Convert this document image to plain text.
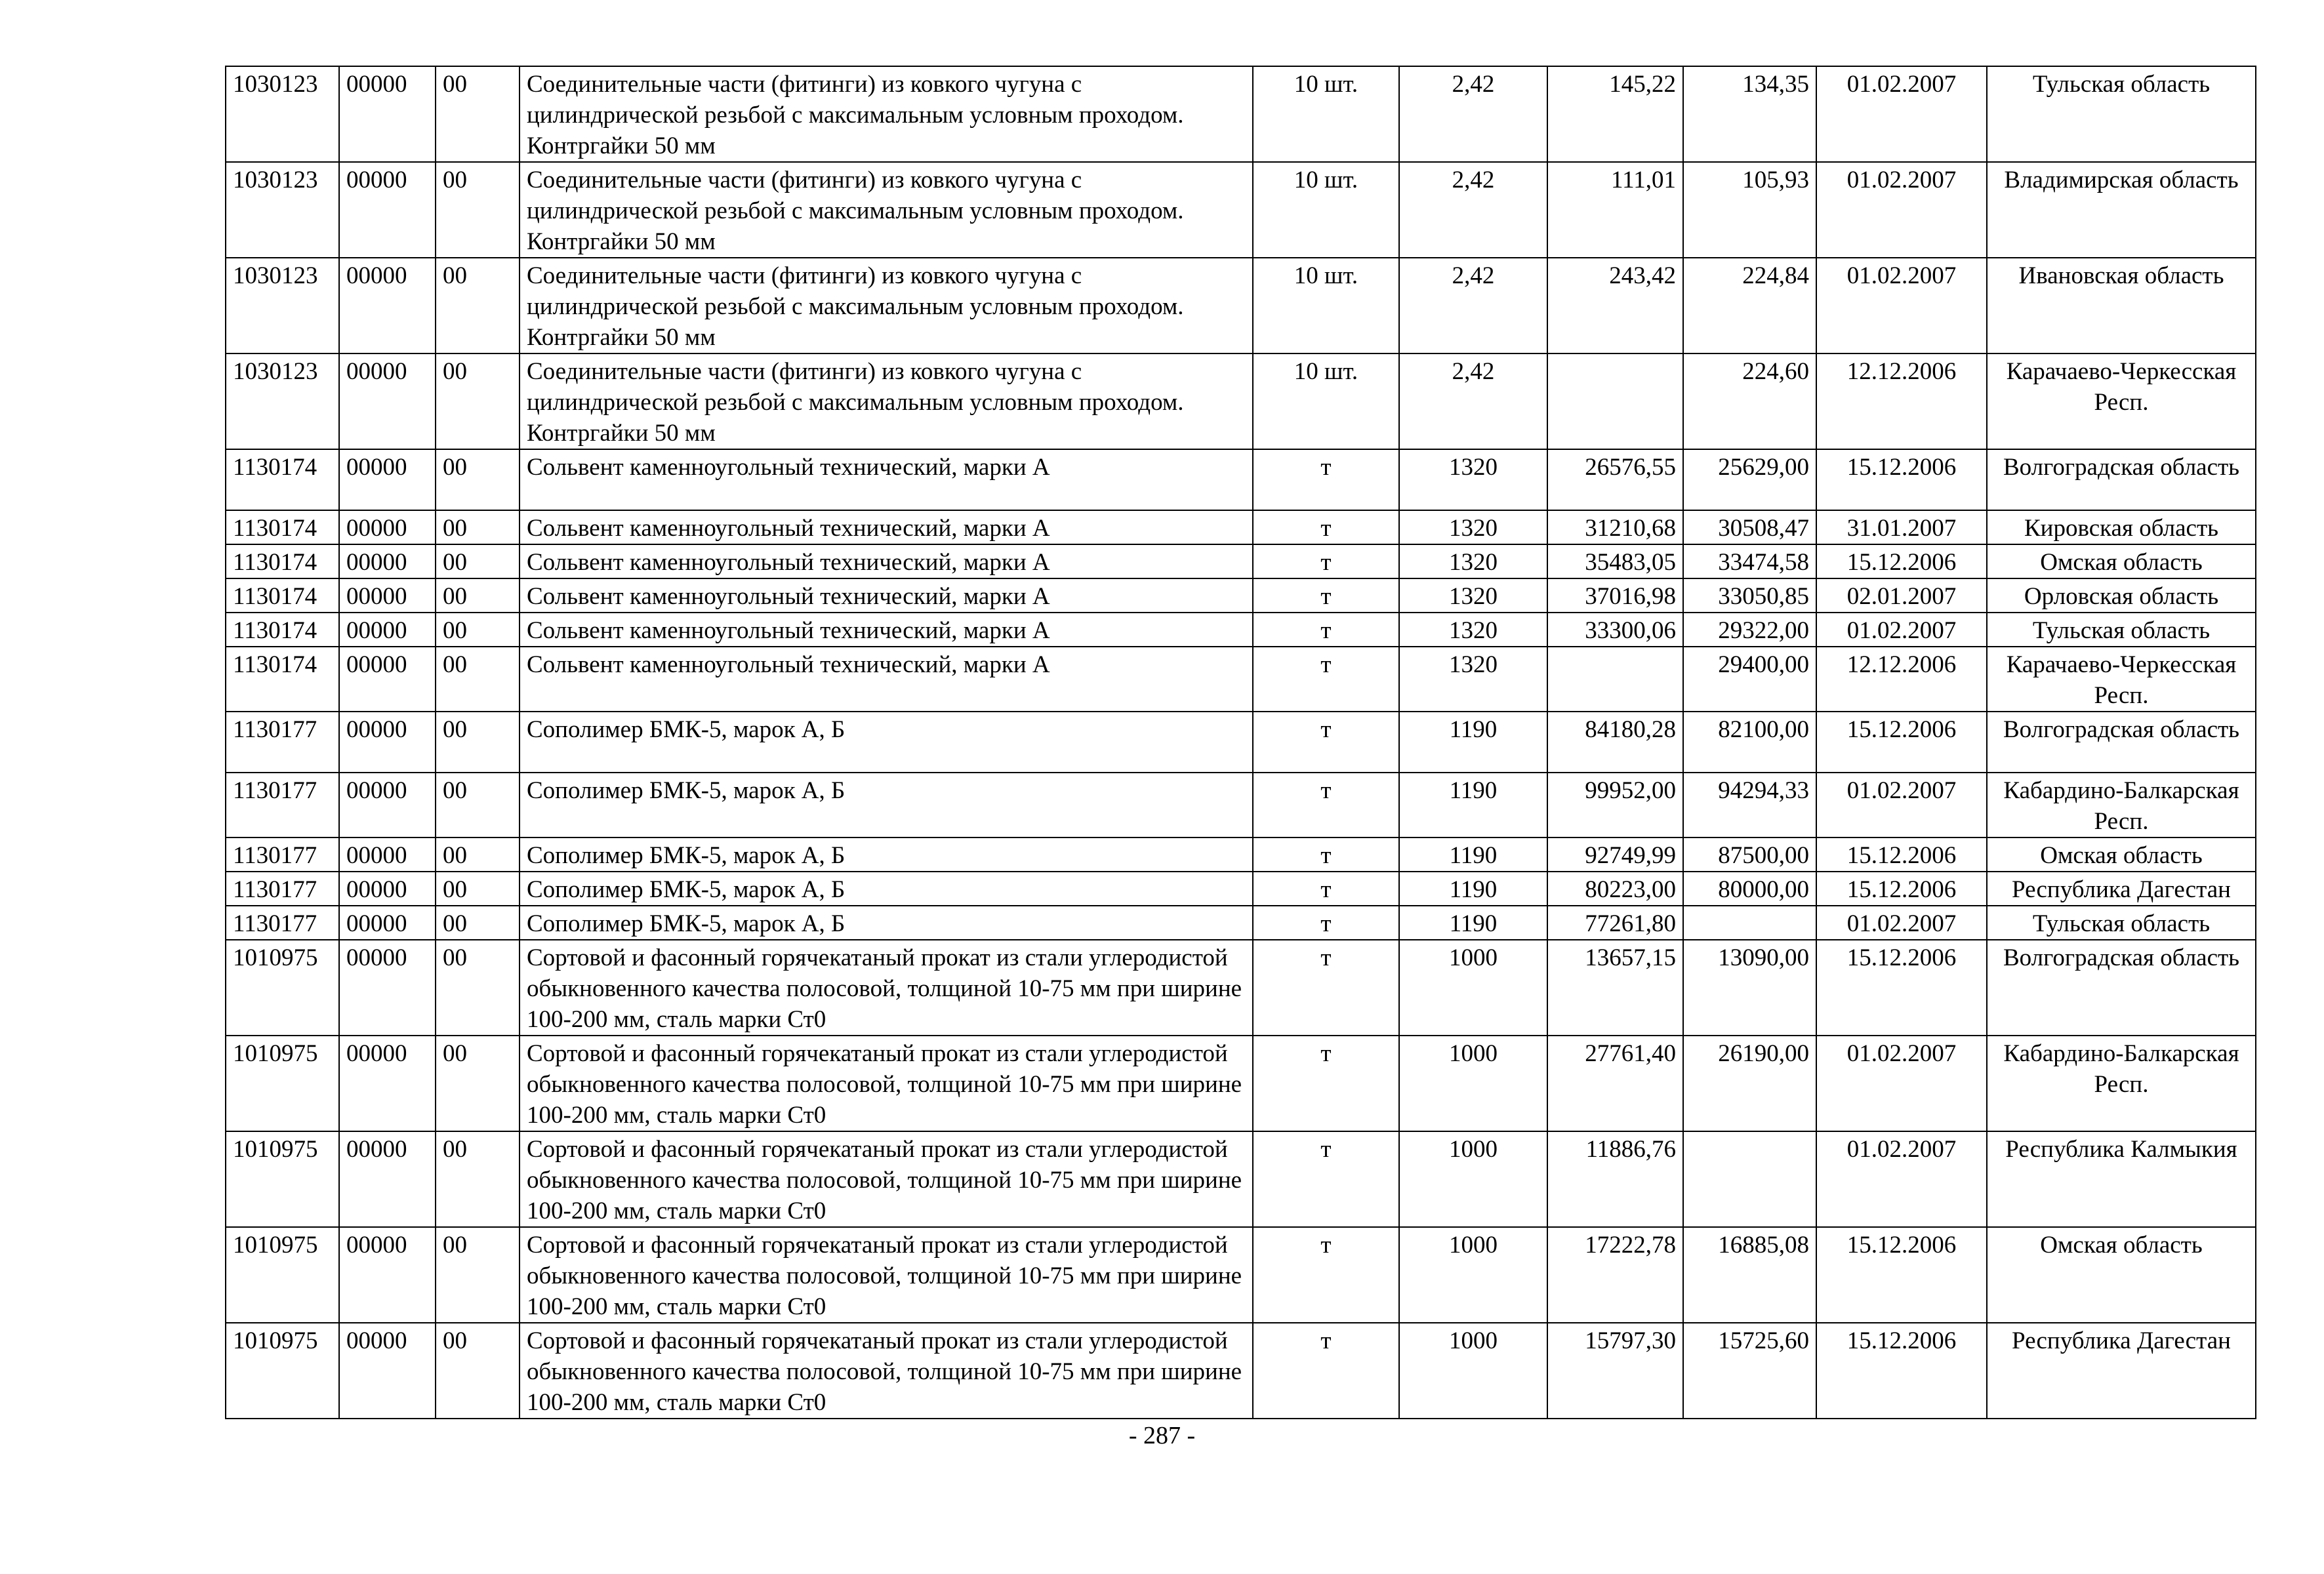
1030123	00000	00	Соединительные части (фитинги) из ковкого чугуна с цилиндрической резьбой с максимальным условным проходом. Контргайки 50 мм	10 шт.	2,42	145,22	134,35	01.02.2007	Тульская область
1030123	00000	00	Соединительные части (фитинги) из ковкого чугуна с цилиндрической резьбой с максимальным условным проходом. Контргайки 50 мм	10 шт.	2,42	111,01	105,93	01.02.2007	Владимирская область
1030123	00000	00	Соединительные части (фитинги) из ковкого чугуна с цилиндрической резьбой с максимальным условным проходом. Контргайки 50 мм	10 шт.	2,42	243,42	224,84	01.02.2007	Ивановская область
1030123	00000	00	Соединительные части (фитинги) из ковкого чугуна с цилиндрической резьбой с максимальным условным проходом. Контргайки 50 мм	10 шт.	2,42		224,60	12.12.2006	Карачаево-Черкесская Респ.
1130174	00000	00	Сольвент каменноугольный технический, марки А	т	1320	26576,55	25629,00	15.12.2006	Волгоградская область
1130174	00000	00	Сольвент каменноугольный технический, марки А	т	1320	31210,68	30508,47	31.01.2007	Кировская область
1130174	00000	00	Сольвент каменноугольный технический, марки А	т	1320	35483,05	33474,58	15.12.2006	Омская область
1130174	00000	00	Сольвент каменноугольный технический, марки А	т	1320	37016,98	33050,85	02.01.2007	Орловская область
1130174	00000	00	Сольвент каменноугольный технический, марки А	т	1320	33300,06	29322,00	01.02.2007	Тульская область
1130174	00000	00	Сольвент каменноугольный технический, марки А	т	1320		29400,00	12.12.2006	Карачаево-Черкесская Респ.
1130177	00000	00	Сополимер БМК-5, марок А, Б	т	1190	84180,28	82100,00	15.12.2006	Волгоградская область
1130177	00000	00	Сополимер БМК-5, марок А, Б	т	1190	99952,00	94294,33	01.02.2007	Кабардино-Балкарская Респ.
1130177	00000	00	Сополимер БМК-5, марок А, Б	т	1190	92749,99	87500,00	15.12.2006	Омская область
1130177	00000	00	Сополимер БМК-5, марок А, Б	т	1190	80223,00	80000,00	15.12.2006	Республика Дагестан
1130177	00000	00	Сополимер БМК-5, марок А, Б	т	1190	77261,80		01.02.2007	Тульская область
1010975	00000	00	Сортовой и фасонный горячекатаный прокат из стали углеродистой обыкновенного качества полосовой, толщиной 10-75 мм при ширине 100-200 мм, сталь марки Ст0	т	1000	13657,15	13090,00	15.12.2006	Волгоградская область
1010975	00000	00	Сортовой и фасонный горячекатаный прокат из стали углеродистой обыкновенного качества полосовой, толщиной 10-75 мм при ширине 100-200 мм, сталь марки Ст0	т	1000	27761,40	26190,00	01.02.2007	Кабардино-Балкарская Респ.
1010975	00000	00	Сортовой и фасонный горячекатаный прокат из стали углеродистой обыкновенного качества полосовой, толщиной 10-75 мм при ширине 100-200 мм, сталь марки Ст0	т	1000	11886,76		01.02.2007	Республика Калмыкия
1010975	00000	00	Сортовой и фасонный горячекатаный прокат из стали углеродистой обыкновенного качества полосовой, толщиной 10-75 мм при ширине 100-200 мм, сталь марки Ст0	т	1000	17222,78	16885,08	15.12.2006	Омская область
1010975	00000	00	Сортовой и фасонный горячекатаный прокат из стали углеродистой обыкновенного качества полосовой, толщиной 10-75 мм при ширине 100-200 мм, сталь марки Ст0	т	1000	15797,30	15725,60	15.12.2006	Республика Дагестан
- 287 -
